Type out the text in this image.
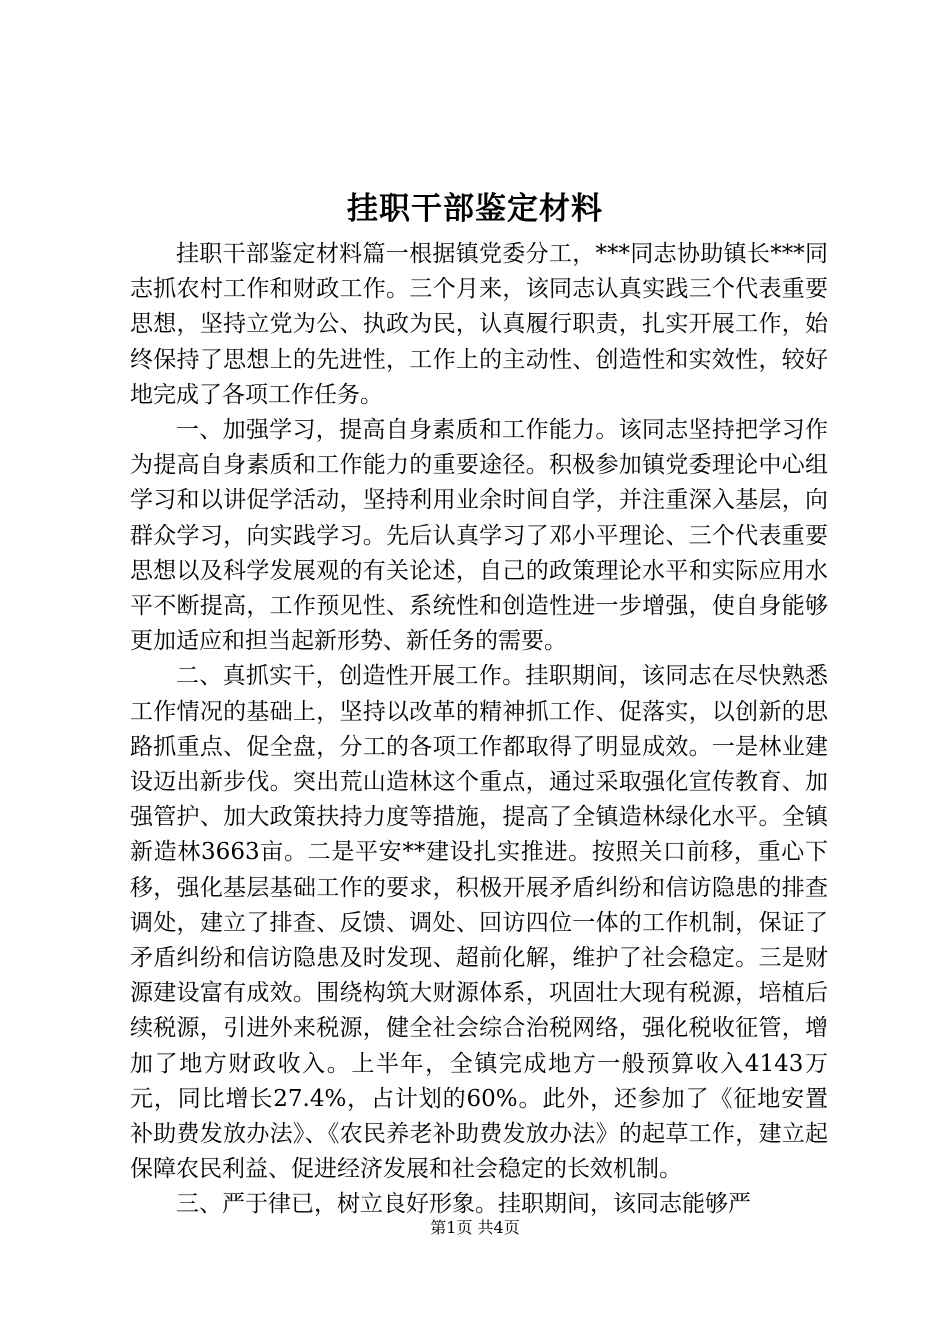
挂职干部鉴定材料

挂职干部鉴定材料篇一根据镇党委分工，***同志协助镇长***同志抓农村工作和财政工作。三个月来，该同志认真实践三个代表重要思想，坚持立党为公、执政为民，认真履行职责，扎实开展工作，始终保持了思想上的先进性，工作上的主动性、创造性和实效性，较好地完成了各项工作任务。

一、加强学习，提高自身素质和工作能力。该同志坚持把学习作为提高自身素质和工作能力的重要途径。积极参加镇党委理论中心组学习和以讲促学活动，坚持利用业余时间自学，并注重深入基层，向群众学习，向实践学习。先后认真学习了邓小平理论、三个代表重要思想以及科学发展观的有关论述，自己的政策理论水平和实际应用水平不断提高，工作预见性、系统性和创造性进一步增强，使自身能够更加适应和担当起新形势、新任务的需要。

二、真抓实干，创造性开展工作。挂职期间，该同志在尽快熟悉工作情况的基础上，坚持以改革的精神抓工作、促落实，以创新的思路抓重点、促全盘，分工的各项工作都取得了明显成效。一是林业建设迈出新步伐。突出荒山造林这个重点，通过采取强化宣传教育、加强管护、加大政策扶持力度等措施，提高了全镇造林绿化水平。全镇新造林3663亩。二是平安**建设扎实推进。按照关口前移，重心下移，强化基层基础工作的要求，积极开展矛盾纠纷和信访隐患的排查调处，建立了排查、反馈、调处、回访四位一体的工作机制，保证了矛盾纠纷和信访隐患及时发现、超前化解，维护了社会稳定。三是财源建设富有成效。围绕构筑大财源体系，巩固壮大现有税源，培植后续税源，引进外来税源，健全社会综合治税网络，强化税收征管，增加了地方财政收入。上半年，全镇完成地方一般预算收入4143万元，同比增长27.4%，占计划的60%。此外，还参加了《征地安置补助费发放办法》、《农民养老补助费发放办法》的起草工作，建立起保障农民利益、促进经济发展和社会稳定的长效机制。

三、严于律已，树立良好形象。挂职期间，该同志能够严

第1页 共4页
